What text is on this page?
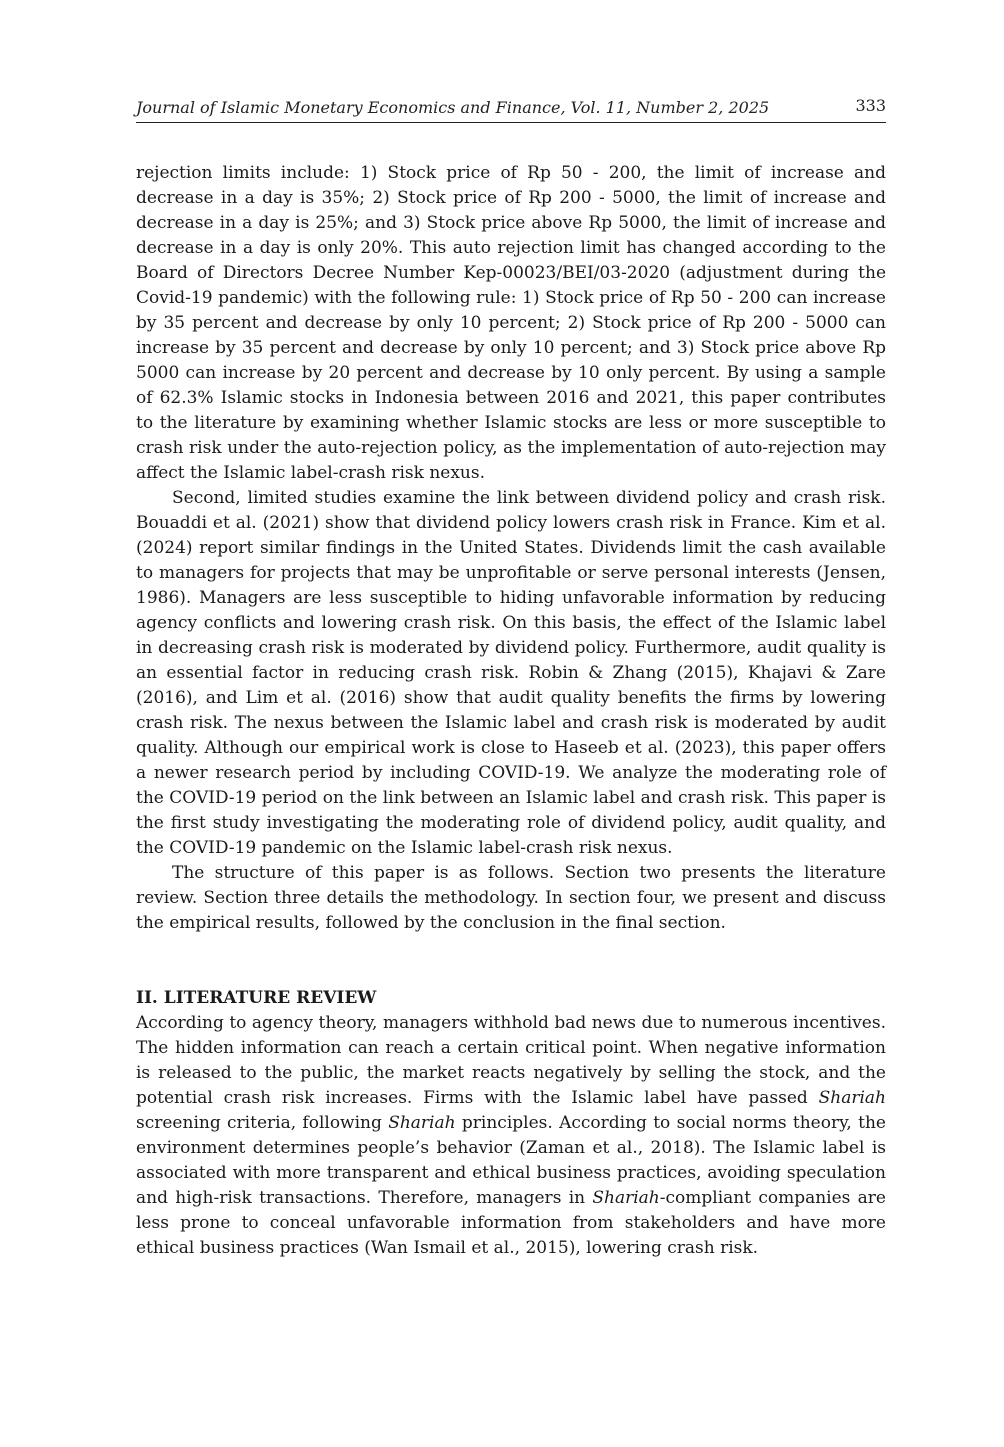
Journal of Islamic Monetary Economics and Finance, Vol. 11, Number 2, 2025	333

rejection limits include: 1) Stock price of Rp 50 - 200, the limit of increase and decrease in a day is 35%; 2) Stock price of Rp 200 - 5000, the limit of increase and decrease in a day is 25%; and 3) Stock price above Rp 5000, the limit of increase and decrease in a day is only 20%. This auto rejection limit has changed according to the Board of Directors Decree Number Kep-00023/BEI/03-2020 (adjustment during the Covid-19 pandemic) with the following rule: 1) Stock price of Rp 50 - 200 can increase by 35 percent and decrease by only 10 percent; 2) Stock price of Rp 200 - 5000 can increase by 35 percent and decrease by only 10 percent; and 3) Stock price above Rp 5000 can increase by 20 percent and decrease by 10 only percent. By using a sample of 62.3% Islamic stocks in Indonesia between 2016 and 2021, this paper contributes to the literature by examining whether Islamic stocks are less or more susceptible to crash risk under the auto-rejection policy, as the implementation of auto-rejection may affect the Islamic label-crash risk nexus.

Second, limited studies examine the link between dividend policy and crash risk. Bouaddi et al. (2021) show that dividend policy lowers crash risk in France. Kim et al. (2024) report similar findings in the United States. Dividends limit the cash available to managers for projects that may be unprofitable or serve personal interests (Jensen, 1986). Managers are less susceptible to hiding unfavorable information by reducing agency conflicts and lowering crash risk. On this basis, the effect of the Islamic label in decreasing crash risk is moderated by dividend policy. Furthermore, audit quality is an essential factor in reducing crash risk. Robin & Zhang (2015), Khajavi & Zare (2016), and Lim et al. (2016) show that audit quality benefits the firms by lowering crash risk. The nexus between the Islamic label and crash risk is moderated by audit quality. Although our empirical work is close to Haseeb et al. (2023), this paper offers a newer research period by including COVID-19. We analyze the moderating role of the COVID-19 period on the link between an Islamic label and crash risk. This paper is the first study investigating the moderating role of dividend policy, audit quality, and the COVID-19 pandemic on the Islamic label-crash risk nexus.

The structure of this paper is as follows. Section two presents the literature review. Section three details the methodology. In section four, we present and discuss the empirical results, followed by the conclusion in the final section.

II. LITERATURE REVIEW

According to agency theory, managers withhold bad news due to numerous incentives. The hidden information can reach a certain critical point. When negative information is released to the public, the market reacts negatively by selling the stock, and the potential crash risk increases. Firms with the Islamic label have passed Shariah screening criteria, following Shariah principles. According to social norms theory, the environment determines people’s behavior (Zaman et al., 2018). The Islamic label is associated with more transparent and ethical business practices, avoiding speculation and high-risk transactions. Therefore, managers in Shariah-compliant companies are less prone to conceal unfavorable information from stakeholders and have more ethical business practices (Wan Ismail et al., 2015), lowering crash risk.
